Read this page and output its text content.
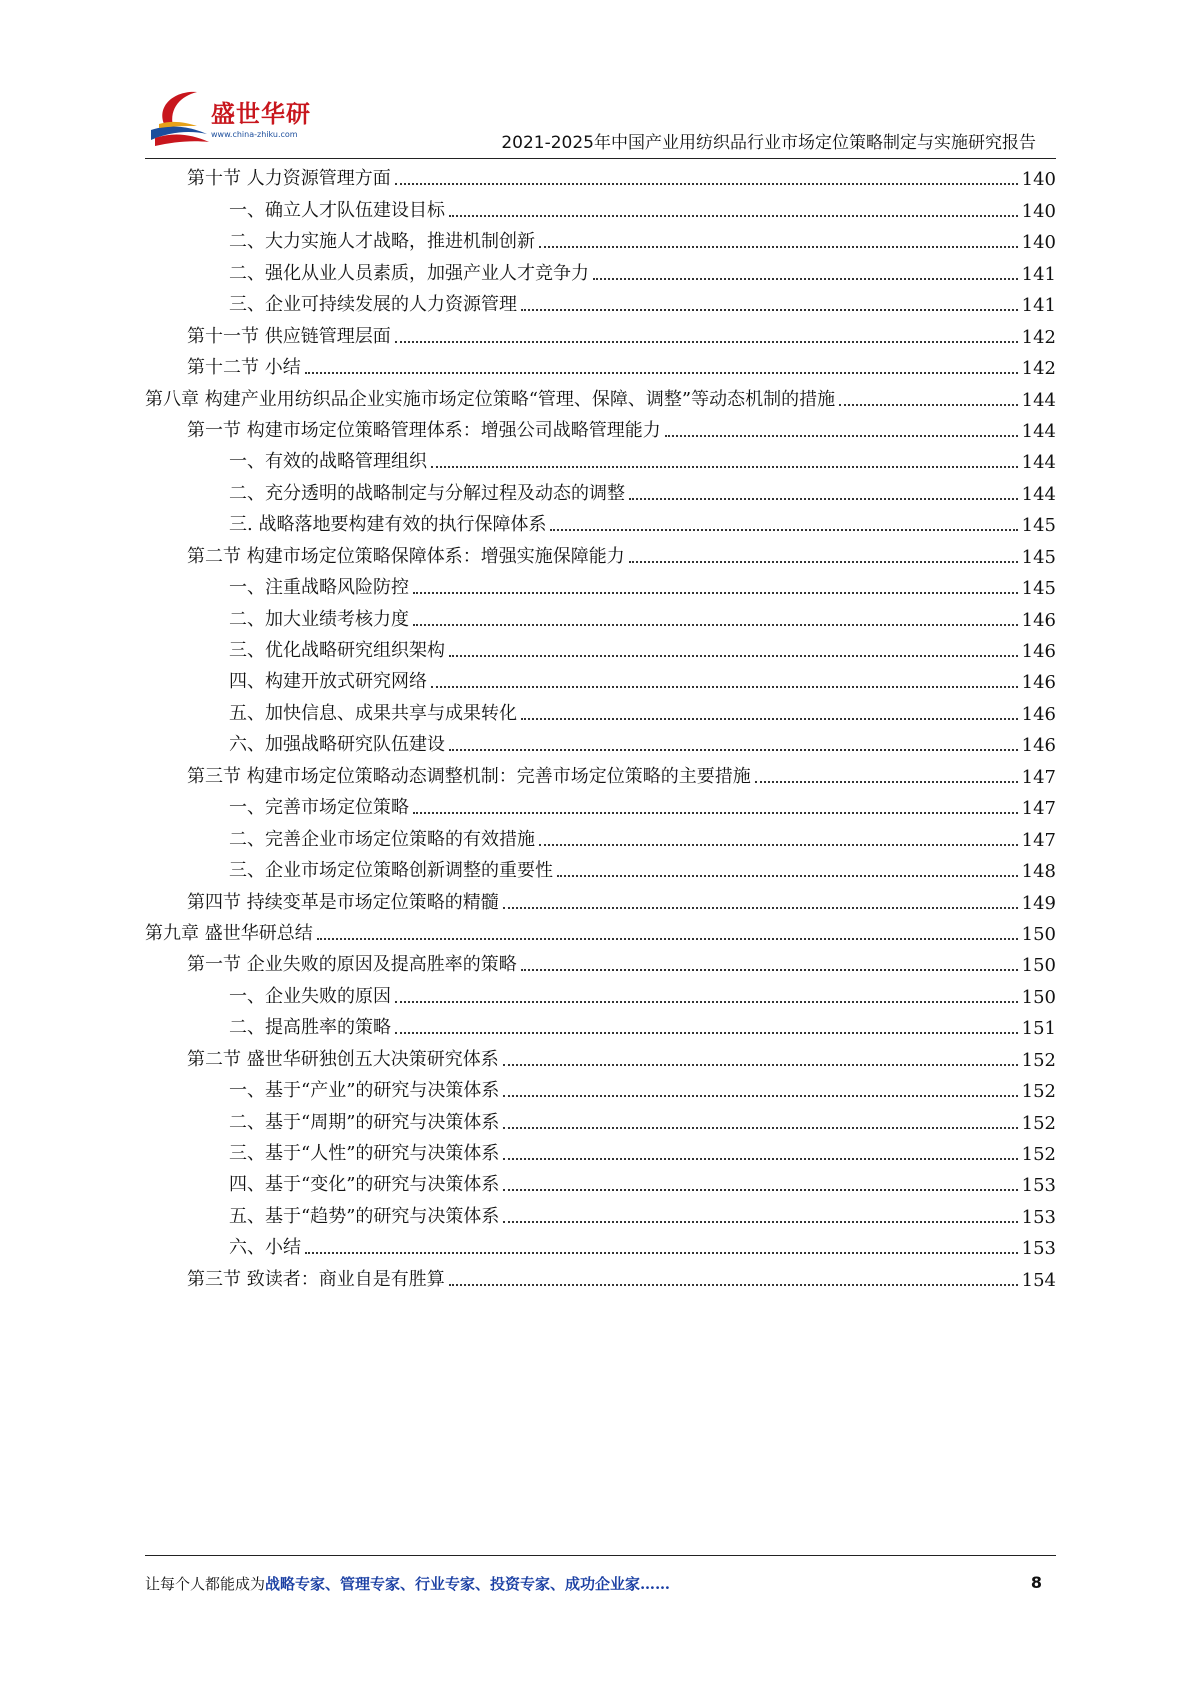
盛世华研
www.china-zhiku.com	2021-2025年中国产业用纺织品行业市场定位策略制定与实施研究报告
第十节 人力资源管理方面	140
一、确立人才队伍建设目标	140
二、大力实施人才战略，推进机制创新	140
二、强化从业人员素质，加强产业人才竞争力	141
三、企业可持续发展的人力资源管理	141
第十一节 供应链管理层面	142
第十二节 小结	142
第八章 构建产业用纺织品企业实施市场定位策略“管理、保障、调整”等动态机制的措施	144
第一节 构建市场定位策略管理体系：增强公司战略管理能力	144
一、有效的战略管理组织	144
二、充分透明的战略制定与分解过程及动态的调整	144
三. 战略落地要构建有效的执行保障体系	145
第二节 构建市场定位策略保障体系：增强实施保障能力	145
一、注重战略风险防控	145
二、加大业绩考核力度	146
三、优化战略研究组织架构	146
四、构建开放式研究网络	146
五、加快信息、成果共享与成果转化	146
六、加强战略研究队伍建设	146
第三节 构建市场定位策略动态调整机制：完善市场定位策略的主要措施	147
一、完善市场定位策略	147
二、完善企业市场定位策略的有效措施	147
三、企业市场定位策略创新调整的重要性	148
第四节 持续变革是市场定位策略的精髓	149
第九章 盛世华研总结	150
第一节 企业失败的原因及提高胜率的策略	150
一、企业失败的原因	150
二、提高胜率的策略	151
第二节 盛世华研独创五大决策研究体系	152
一、基于“产业”的研究与决策体系	152
二、基于“周期”的研究与决策体系	152
三、基于“人性”的研究与决策体系	152
四、基于“变化”的研究与决策体系	153
五、基于“趋势”的研究与决策体系	153
六、小结	153
第三节 致读者：商业自是有胜算	154
让每个人都能成为战略专家、管理专家、行业专家、投资专家、成功企业家……	8
